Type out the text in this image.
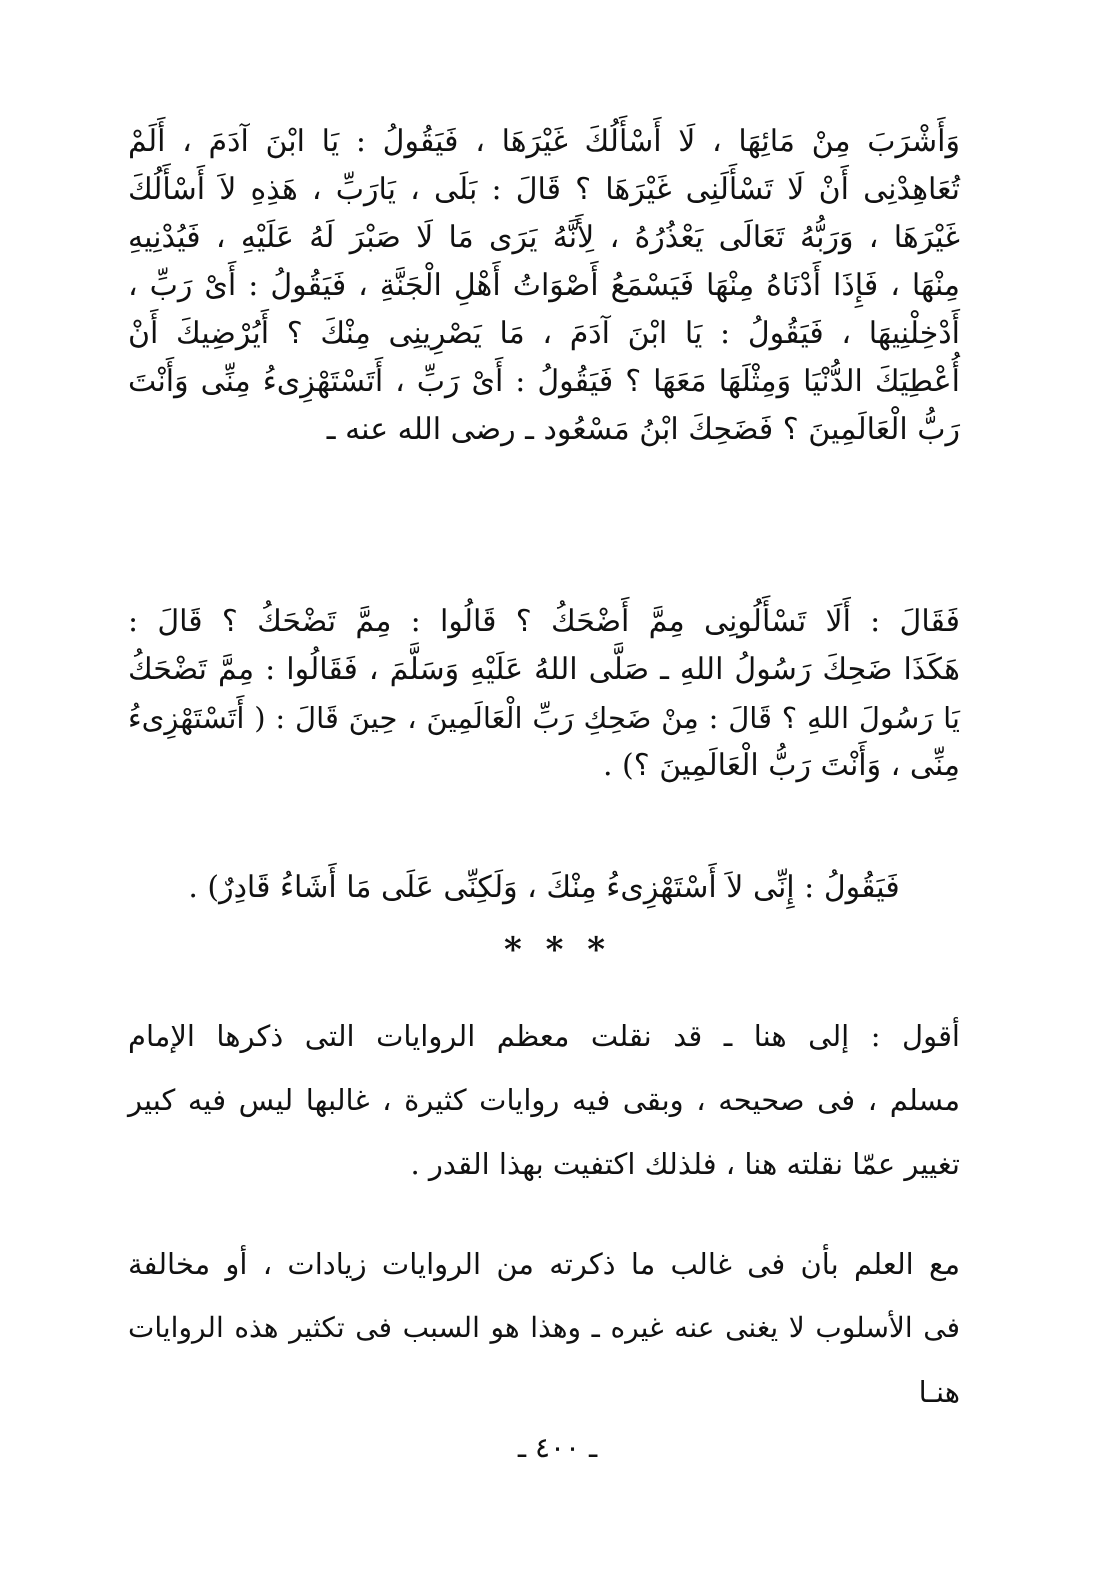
وَأَشْرَبَ مِنْ مَائِهَا ، لَا أَسْأَلُكَ غَيْرَهَا ، فَيَقُولُ : يَا ابْنَ آدَمَ ، أَلَمْ
تُعَاهِدْنِى أَنْ لَا تَسْأَلَنِى غَيْرَهَا ؟ قَالَ : بَلَى ، يَارَبِّ ، هَذِهِ لاَ أَسْأَلُكَ
غَيْرَهَا ، وَرَبُّهُ تَعَالَى يَعْذُرُهُ ، لِأَنَّهُ يَرَى مَا لَا صَبْرَ لَهُ عَلَيْهِ ، فَيُدْنِيهِ
مِنْهَا ، فَإِذَا أَدْنَاهُ مِنْهَا فَيَسْمَعُ أَصْوَاتُ أَهْلِ الْجَنَّةِ ، فَيَقُولُ : أَىْ رَبِّ ،
أَدْخِلْنِيهَا ، فَيَقُولُ : يَا ابْنَ آدَمَ ، مَا يَصْرِينِى مِنْكَ ؟ أَيُرْضِيكَ أَنْ
أُعْطِيَكَ الدُّنْيَا وَمِثْلَهَا مَعَهَا ؟ فَيَقُولُ : أَىْ رَبِّ ، أَتَسْتَهْزِىءُ مِنِّى وَأَنْتَ
رَبُّ الْعَالَمِينَ ؟ فَضَحِكَ ابْنُ مَسْعُود ـ رضى الله عنه ـ
فَقَالَ : أَلَا تَسْأَلُونِى مِمَّ أَضْحَكُ ؟ قَالُوا : مِمَّ تَضْحَكُ ؟ قَالَ :
هَكَذَا ضَحِكَ رَسُولُ اللهِ ـ صَلَّى اللهُ عَلَيْهِ وَسَلَّمَ ، فَقَالُوا : مِمَّ تَضْحَكُ
يَا رَسُولَ اللهِ ؟ قَالَ : مِنْ ضَحِكِ رَبِّ الْعَالَمِينَ ، حِينَ قَالَ : ( أَتَسْتَهْزِىءُ
مِنِّى ، وَأَنْتَ رَبُّ الْعَالَمِينَ ؟) .
فَيَقُولُ : إِنِّى لاَ أَسْتَهْزِىءُ مِنْكَ ، وَلَكِنِّى عَلَى مَا أَشَاءُ قَادِرٌ) .
* * *
أقول : إلى هنا ـ قد نقلت معظم الروايات التى ذكرها الإمام
مسلم ، فى صحيحه ، وبقى فيه روايات كثيرة ، غالبها ليس فيه كبير
تغيير عمّا نقلته هنا ، فلذلك اكتفيت بهذا القدر .
مع العلم بأن فى غالب ما ذكرته من الروايات زيادات ، أو مخالفة
فى الأسلوب لا يغنى عنه غيره ـ وهذا هو السبب فى تكثير هذه الروايات
هنـا
ـ ٤٠٠ ـ
